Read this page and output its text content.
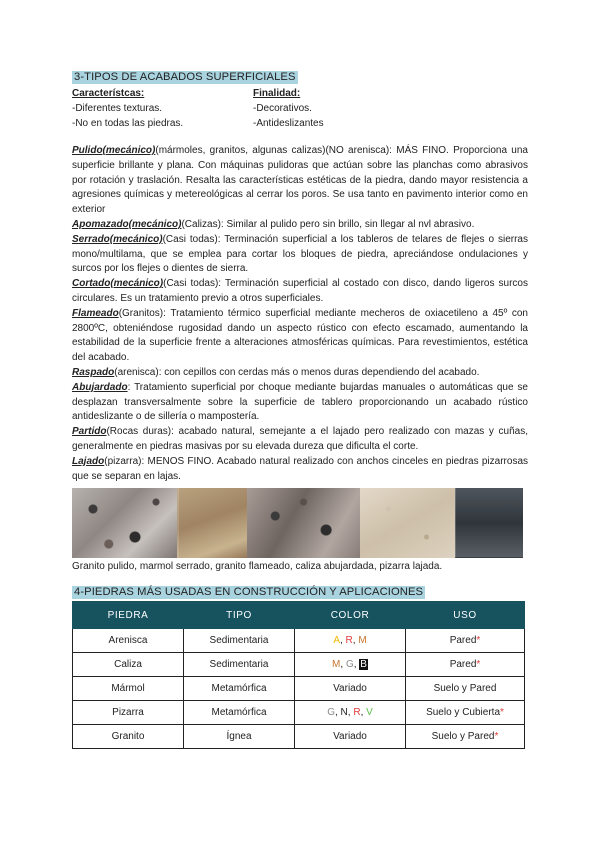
3-TIPOS DE ACABADOS SUPERFICIALES
Característcas:
-Diferentes texturas.
-No en todas las piedras.
Finalidad:
-Decorativos.
-Antideslizantes

Pulido(mecánico)(mármoles, granitos, algunas calizas)(NO arenisca): MÁS FINO. Proporciona una superficie brillante y plana. Con máquinas pulidoras que actúan sobre las planchas como abrasivos por rotación y traslación. Resalta las características estéticas de la piedra, dando mayor resistencia a agresiones químicas y metereológicas al cerrar los poros. Se usa tanto en pavimento interior como en exterior

Apomazado(mecánico)(Calizas): Similar al pulido pero sin brillo, sin llegar al nvl abrasivo.

Serrado(mecánico)(Casi todas): Terminación superficial a los tableros de telares de flejes o sierras mono/multilama, que se emplea para cortar los bloques de piedra, apreciándose ondulaciones y surcos por los flejes o dientes de sierra.

Cortado(mecánico)(Casi todas): Terminación superficial al costado con disco, dando ligeros surcos circulares. Es un tratamiento previo a otros superficiales.

Flameado(Granitos): Tratamiento térmico superficial mediante mecheros de oxiacetileno a 45º con 2800ºC, obteniéndose rugosidad dando un aspecto rústico con efecto escamado, aumentando la estabilidad de la superficie frente a alteraciones atmosféricas químicas. Para revestimientos, estética del acabado.

Raspado(arenisca): con cepillos con cerdas más o menos duras dependiendo del acabado.

Abujardado: Tratamiento superficial por choque mediante bujardas manuales o automáticas que se desplazan transversalmente sobre la superficie de tablero proporcionando un acabado rústico antideslizante o de sillería o mampostería.

Partido(Rocas duras): acabado natural, semejante a el lajado pero realizado con mazas y cuñas, generalmente en piedras masivas por su elevada dureza que dificulta el corte.

Lajado(pizarra): MENOS FINO. Acabado natural realizado con anchos cinceles en piedras pizarrosas que se separan en lajas.

Granito pulido, marmol serrado, granito flameado, caliza abujardada, pizarra lajada.
4-PIEDRAS MÁS USADAS EN CONSTRUCCIÓN Y APLICACIONES
PIEDRA	TIPO	COLOR	USO
Arenisca	Sedimentaria	A, R, M	Pared*
Caliza	Sedimentaria	M, G, B	Pared*
Mármol	Metamórfica	Variado	Suelo y Pared
Pizarra	Metamórfica	G, N, R, V	Suelo y Cubierta*
Granito	Ígnea	Variado	Suelo y Pared*
